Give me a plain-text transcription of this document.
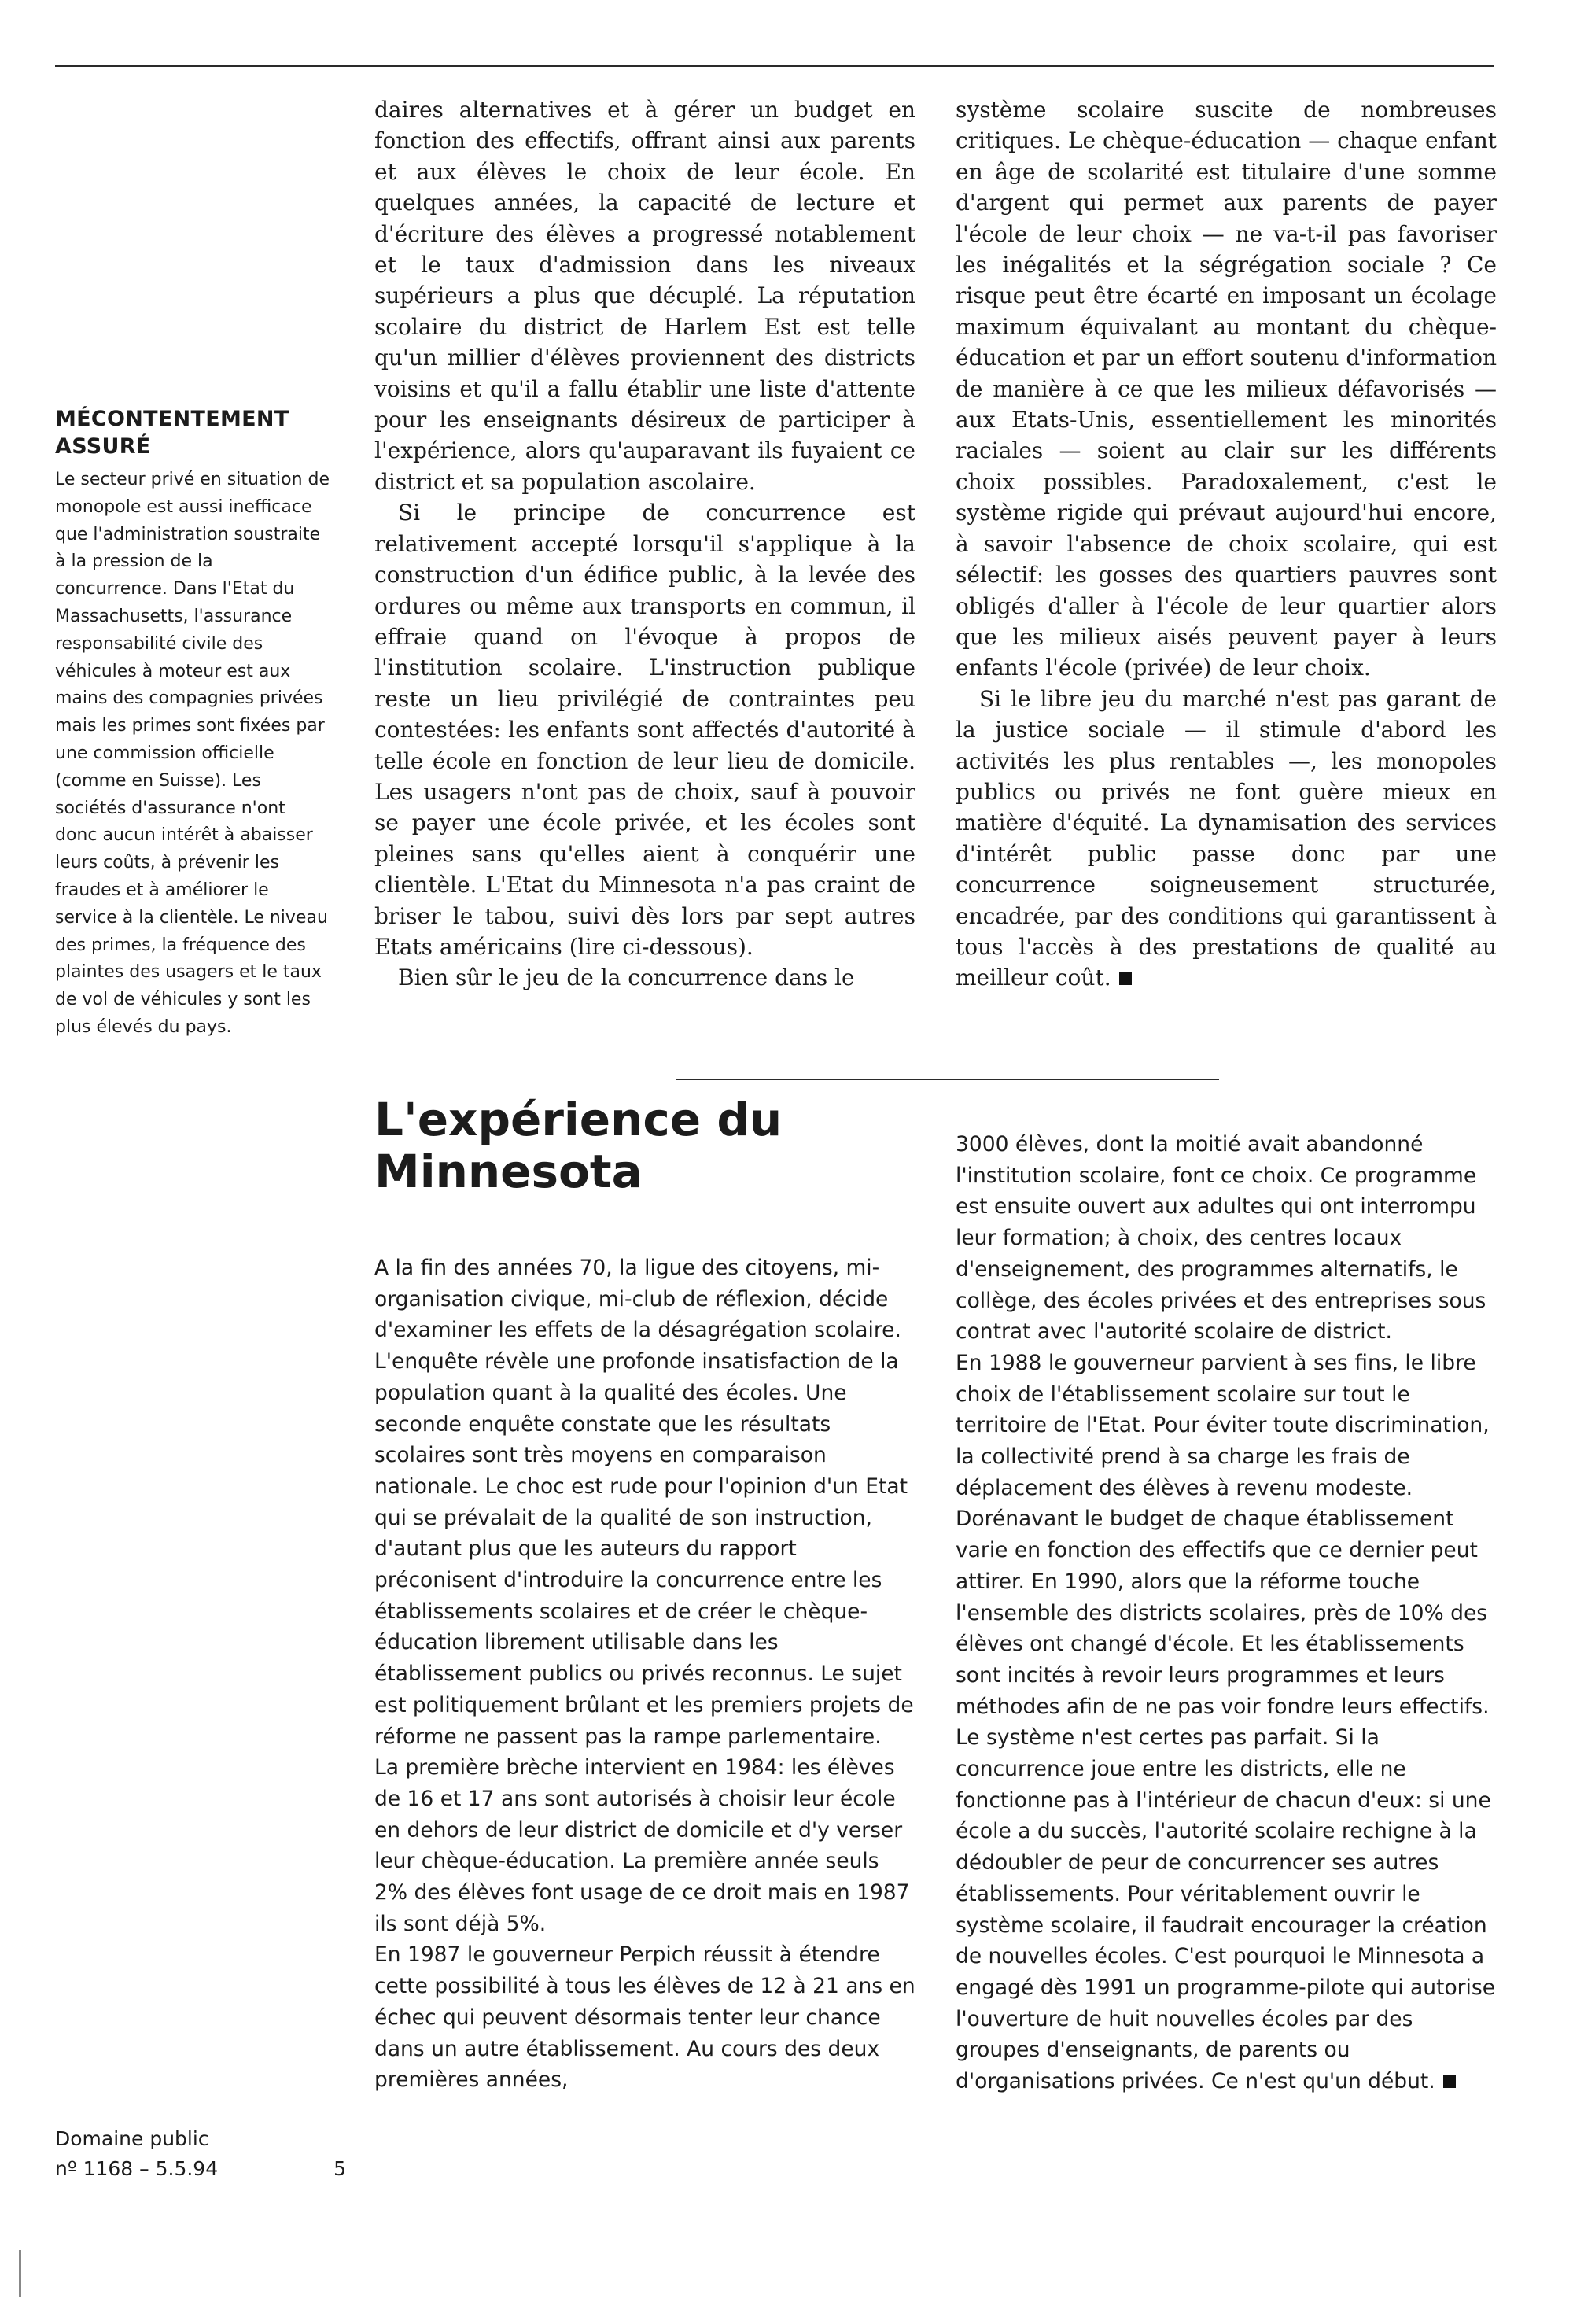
MÉCONTENTEMENT ASSURÉ

Le secteur privé en situation de monopole est aussi inefficace que l'administration soustraite à la pression de la concurrence. Dans l'Etat du Massachusetts, l'assurance responsabilité civile des véhicules à moteur est aux mains des compagnies privées mais les primes sont fixées par une commission officielle (comme en Suisse). Les sociétés d'assurance n'ont donc aucun intérêt à abaisser leurs coûts, à prévenir les fraudes et à améliorer le service à la clientèle. Le niveau des primes, la fréquence des plaintes des usagers et le taux de vol de véhicules y sont les plus élevés du pays.

daires alternatives et à gérer un budget en fonction des effectifs, offrant ainsi aux parents et aux élèves le choix de leur école. En quelques années, la capacité de lecture et d'écriture des élèves a progressé notablement et le taux d'admission dans les niveaux supérieurs a plus que décuplé. La réputation scolaire du district de Harlem Est est telle qu'un millier d'élèves proviennent des districts voisins et qu'il a fallu établir une liste d'attente pour les enseignants désireux de participer à l'expérience, alors qu'auparavant ils fuyaient ce district et sa population ascolaire.

Si le principe de concurrence est relativement accepté lorsqu'il s'applique à la construction d'un édifice public, à la levée des ordures ou même aux transports en commun, il effraie quand on l'évoque à propos de l'institution scolaire. L'instruction publique reste un lieu privilégié de contraintes peu contestées: les enfants sont affectés d'autorité à telle école en fonction de leur lieu de domicile. Les usagers n'ont pas de choix, sauf à pouvoir se payer une école privée, et les écoles sont pleines sans qu'elles aient à conquérir une clientèle. L'Etat du Minnesota n'a pas craint de briser le tabou, suivi dès lors par sept autres Etats américains (lire ci-dessous).

Bien sûr le jeu de la concurrence dans le

système scolaire suscite de nombreuses critiques. Le chèque-éducation — chaque enfant en âge de scolarité est titulaire d'une somme d'argent qui permet aux parents de payer l'école de leur choix — ne va-t-il pas favoriser les inégalités et la ségrégation sociale ? Ce risque peut être écarté en imposant un écolage maximum équivalant au montant du chèque-éducation et par un effort soutenu d'information de manière à ce que les milieux défavorisés — aux Etats-Unis, essentiellement les minorités raciales — soient au clair sur les différents choix possibles. Paradoxalement, c'est le système rigide qui prévaut aujourd'hui encore, à savoir l'absence de choix scolaire, qui est sélectif: les gosses des quartiers pauvres sont obligés d'aller à l'école de leur quartier alors que les milieux aisés peuvent payer à leurs enfants l'école (privée) de leur choix.

Si le libre jeu du marché n'est pas garant de la justice sociale — il stimule d'abord les activités les plus rentables —, les monopoles publics ou privés ne font guère mieux en matière d'équité. La dynamisation des services d'intérêt public passe donc par une concurrence soigneusement structurée, encadrée, par des conditions qui garantissent à tous l'accès à des prestations de qualité au meilleur coût.

L'expérience du Minnesota

A la fin des années 70, la ligue des citoyens, mi-organisation civique, mi-club de réflexion, décide d'examiner les effets de la désagrégation scolaire. L'enquête révèle une profonde insatisfaction de la population quant à la qualité des écoles. Une seconde enquête constate que les résultats scolaires sont très moyens en comparaison nationale. Le choc est rude pour l'opinion d'un Etat qui se prévalait de la qualité de son instruction, d'autant plus que les auteurs du rapport préconisent d'introduire la concurrence entre les établissements scolaires et de créer le chèque-éducation librement utilisable dans les établissement publics ou privés reconnus. Le sujet est politiquement brûlant et les premiers projets de réforme ne passent pas la rampe parlementaire.

La première brèche intervient en 1984: les élèves de 16 et 17 ans sont autorisés à choisir leur école en dehors de leur district de domicile et d'y verser leur chèque-éducation. La première année seuls 2% des élèves font usage de ce droit mais en 1987 ils sont déjà 5%.

En 1987 le gouverneur Perpich réussit à étendre cette possibilité à tous les élèves de 12 à 21 ans en échec qui peuvent désormais tenter leur chance dans un autre établissement. Au cours des deux premières années,

3000 élèves, dont la moitié avait abandonné l'institution scolaire, font ce choix. Ce programme est ensuite ouvert aux adultes qui ont interrompu leur formation; à choix, des centres locaux d'enseignement, des programmes alternatifs, le collège, des écoles privées et des entreprises sous contrat avec l'autorité scolaire de district.

En 1988 le gouverneur parvient à ses fins, le libre choix de l'établissement scolaire sur tout le territoire de l'Etat. Pour éviter toute discrimination, la collectivité prend à sa charge les frais de déplacement des élèves à revenu modeste. Dorénavant le budget de chaque établissement varie en fonction des effectifs que ce dernier peut attirer. En 1990, alors que la réforme touche l'ensemble des districts scolaires, près de 10% des élèves ont changé d'école. Et les établissements sont incités à revoir leurs programmes et leurs méthodes afin de ne pas voir fondre leurs effectifs.

Le système n'est certes pas parfait. Si la concurrence joue entre les districts, elle ne fonctionne pas à l'intérieur de chacun d'eux: si une école a du succès, l'autorité scolaire rechigne à la dédoubler de peur de concurrencer ses autres établissements. Pour véritablement ouvrir le système scolaire, il faudrait encourager la création de nouvelles écoles. C'est pourquoi le Minnesota a engagé dès 1991 un programme-pilote qui autorise l'ouverture de huit nouvelles écoles par des groupes d'enseignants, de parents ou d'organisations privées. Ce n'est qu'un début.

Domaine public
nº 1168 – 5.5.94	5
